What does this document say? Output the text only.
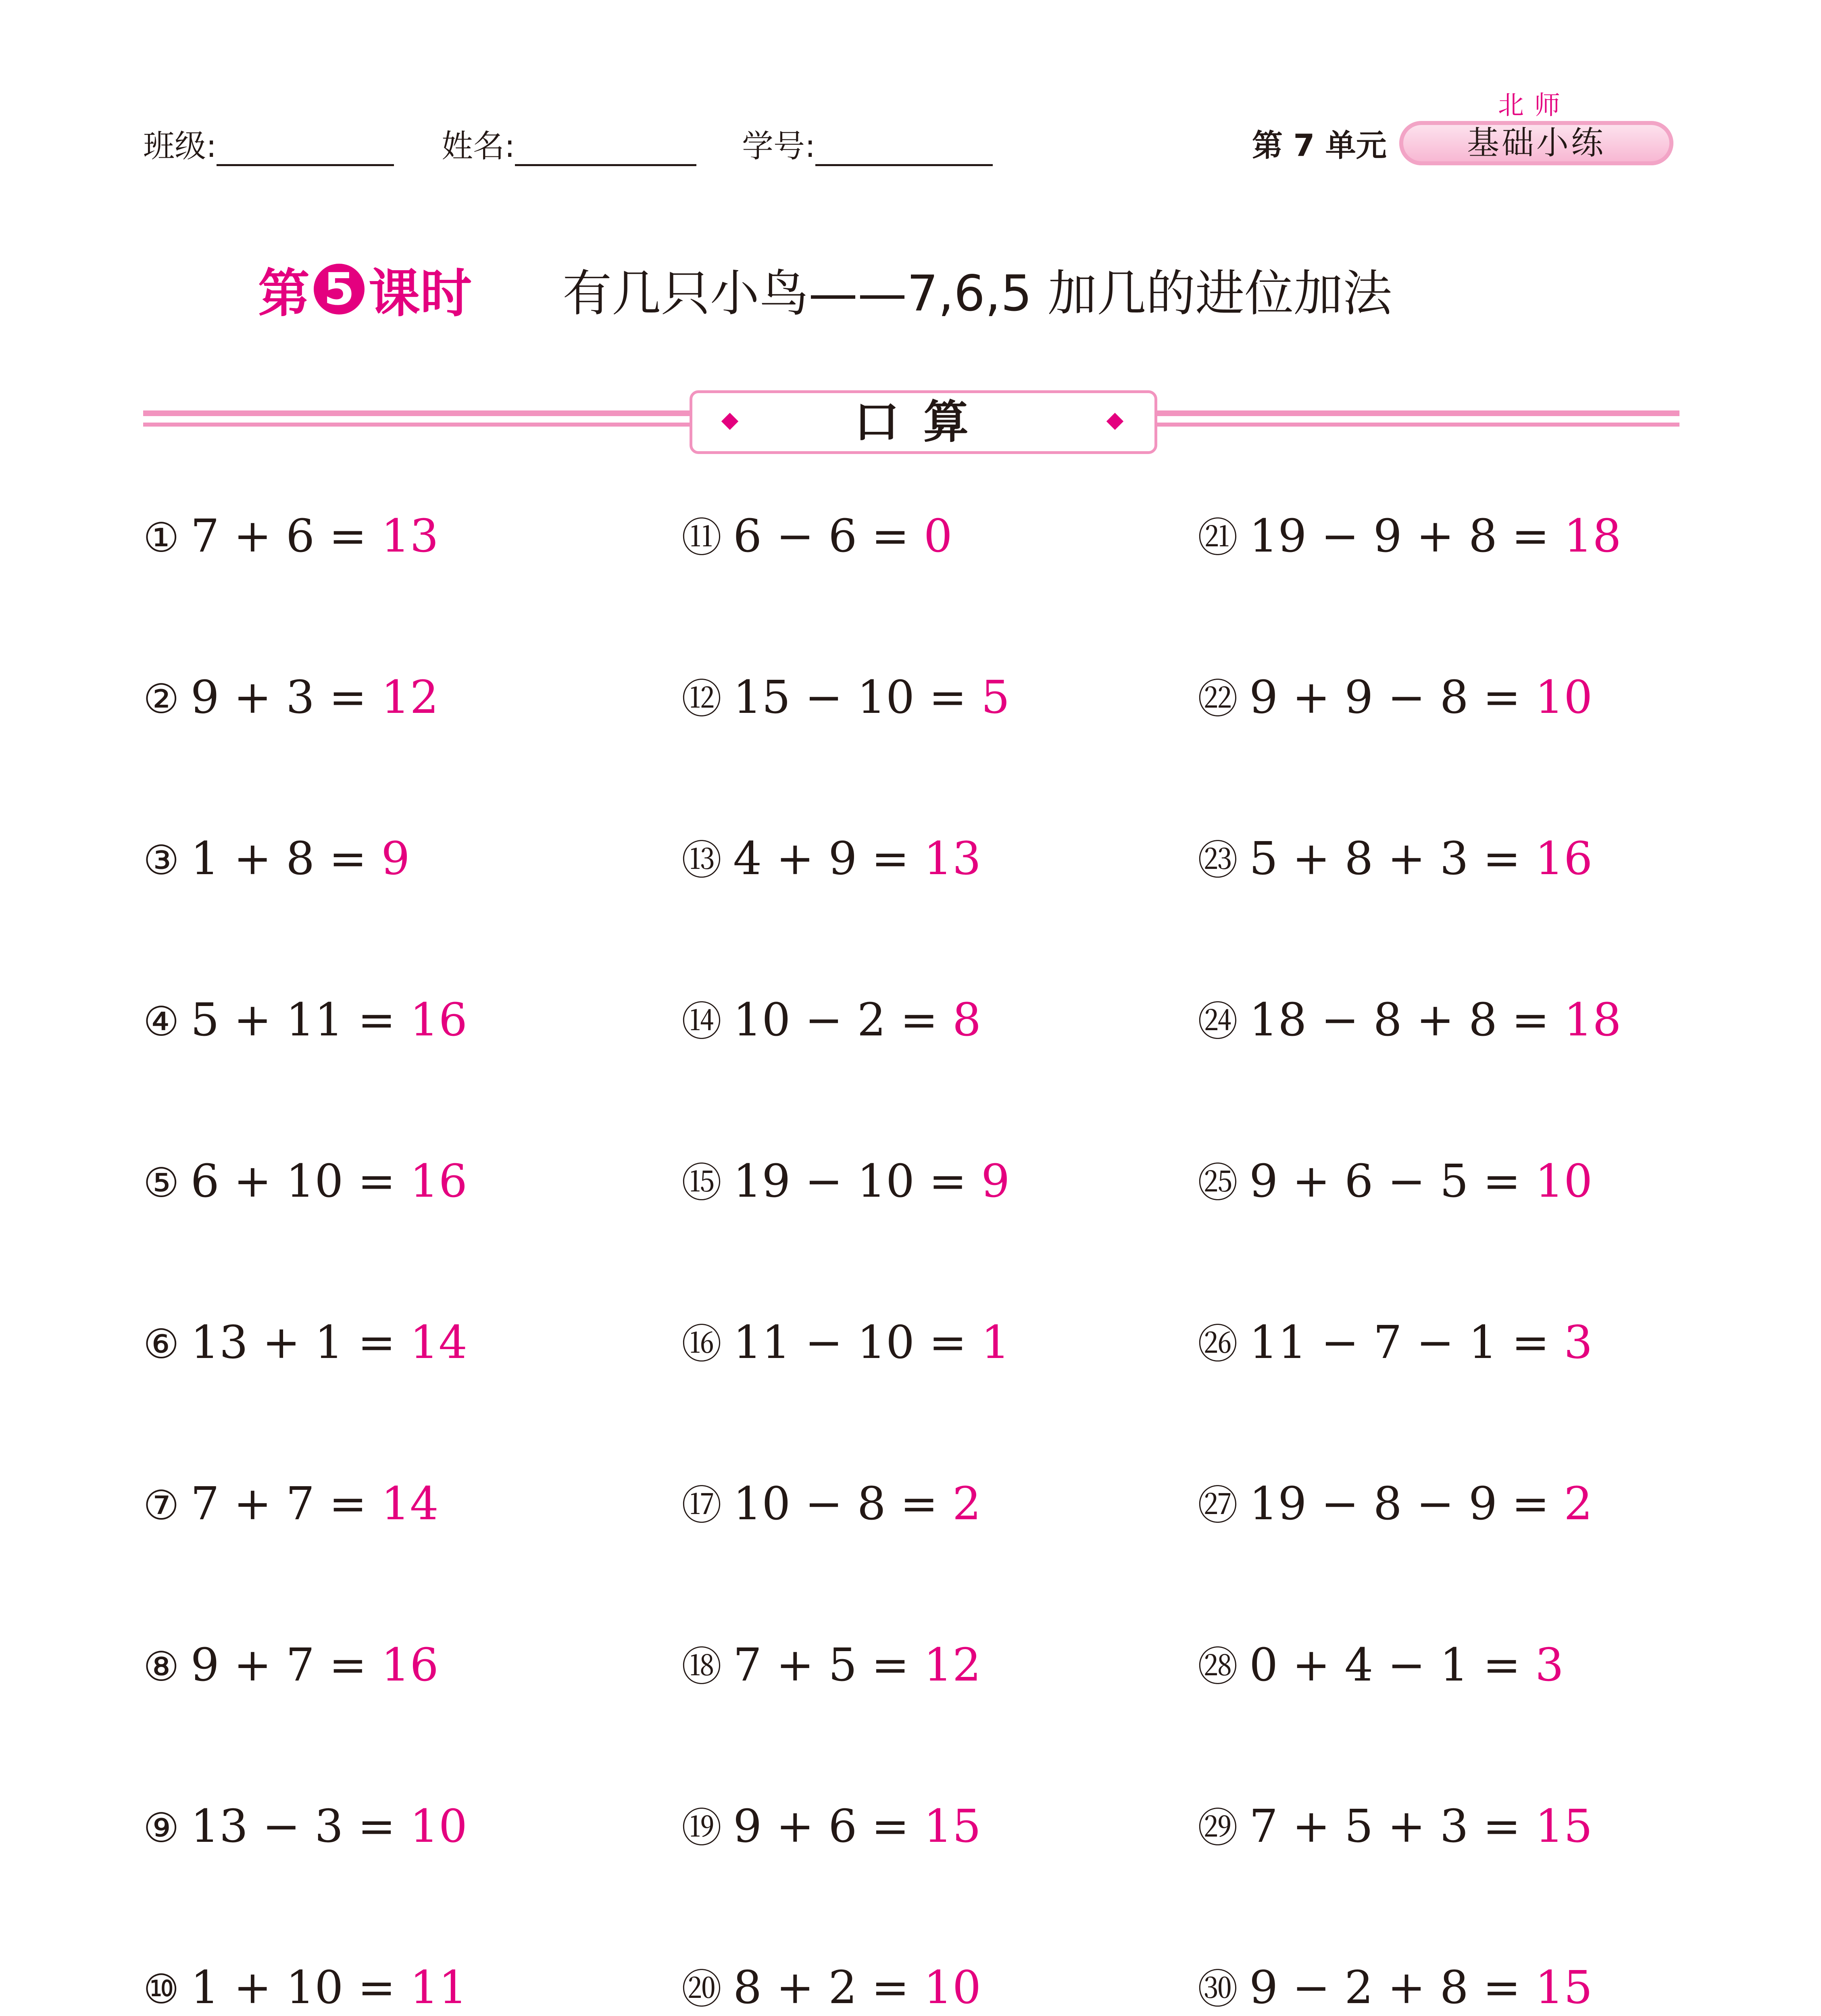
班级:	姓名:	学号:	第 7 单元
北师
基础小练
第 5 课时 有几只小鸟——7,6,5 加几的进位加法
口算
① 7 + 6 = 13
② 9 + 3 = 12
③ 1 + 8 = 9
④ 5 + 11 = 16
⑤ 6 + 10 = 16
⑥ 13 + 1 = 14
⑦ 7 + 7 = 14
⑧ 9 + 7 = 16
⑨ 13 − 3 = 10
⑩ 1 + 10 = 11
⑪ 6 − 6 = 0
⑫ 15 − 10 = 5
⑬ 4 + 9 = 13
⑭ 10 − 2 = 8
⑮ 19 − 10 = 9
⑯ 11 − 10 = 1
⑰ 10 − 8 = 2
⑱ 7 + 5 = 12
⑲ 9 + 6 = 15
⑳ 8 + 2 = 10
㉑ 19 − 9 + 8 = 18
㉒ 9 + 9 − 8 = 10
㉓ 5 + 8 + 3 = 16
㉔ 18 − 8 + 8 = 18
㉕ 9 + 6 − 5 = 10
㉖ 11 − 7 − 1 = 3
㉗ 19 − 8 − 9 = 2
㉘ 0 + 4 − 1 = 3
㉙ 7 + 5 + 3 = 15
㉚ 9 − 2 + 8 = 15
